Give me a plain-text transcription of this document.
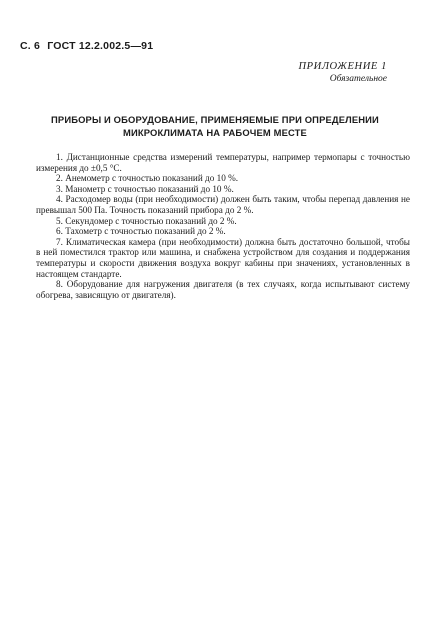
С. 6 ГОСТ 12.2.002.5—91
ПРИЛОЖЕНИЕ 1
Обязательное
ПРИБОРЫ И ОБОРУДОВАНИЕ, ПРИМЕНЯЕМЫЕ ПРИ ОПРЕДЕЛЕНИИ
МИКРОКЛИМАТА НА РАБОЧЕМ МЕСТЕ

1. Дистанционные средства измерений температуры, например термопары с точностью измерения до ±0,5 °С.

2. Анемометр с точностью показаний до 10 %.

3. Манометр с точностью показаний до 10 %.

4. Расходомер воды (при необходимости) должен быть таким, чтобы перепад давления не превышал 500 Па. Точность показаний прибора до 2 %.

5. Секундомер с точностью показаний до 2 %.

6. Тахометр с точностью показаний до 2 %.

7. Климатическая камера (при необходимости) должна быть достаточно большой, чтобы в ней поместился трактор или машина, и снабжена устройством для создания и поддержания температуры и скорости движения воздуха вокруг кабины при значениях, установленных в настоящем стандарте.

8. Оборудование для нагружения двигателя (в тех случаях, когда испытывают систему обогрева, зависящую от двигателя).
